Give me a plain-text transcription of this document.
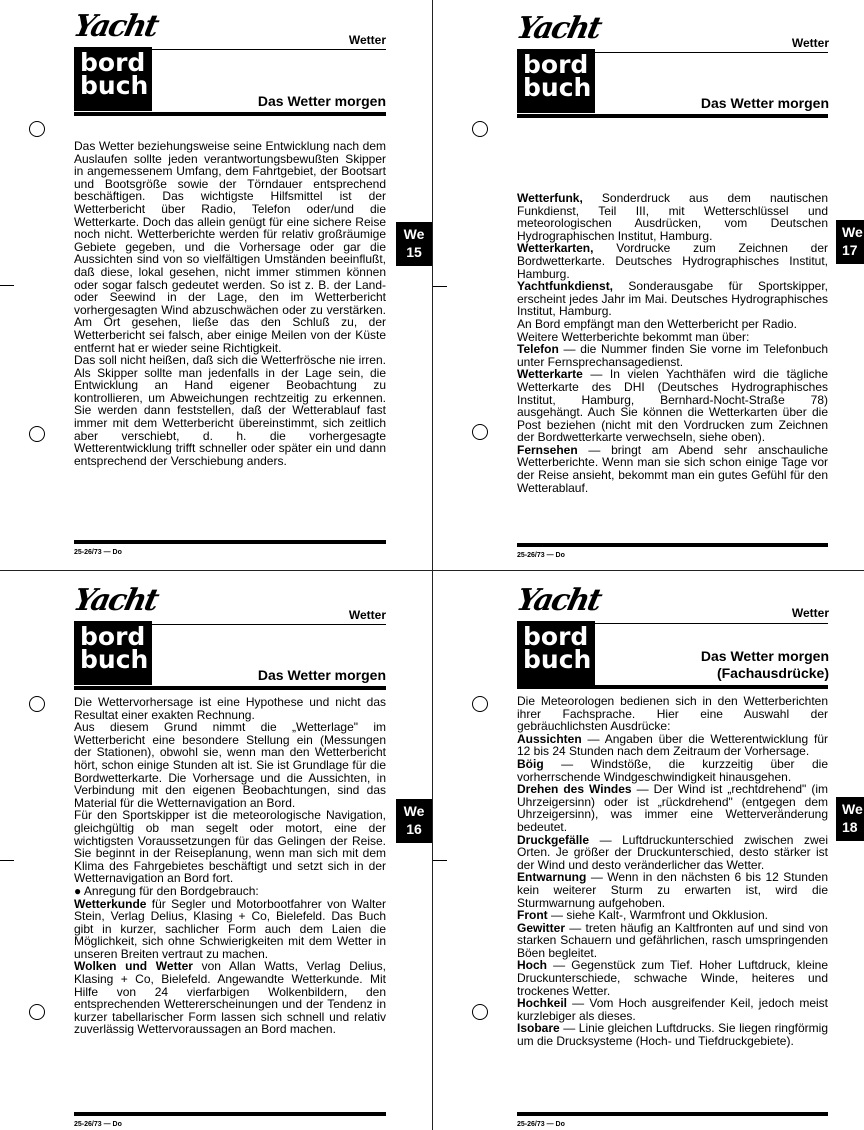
Yacht
bord
buch
Wetter
Das Wetter morgen
We
15

Das Wetter beziehungsweise seine Entwicklung nach dem Auslaufen sollte jeden verantwortungsbewußten Skipper in angemessenem Umfang, dem Fahrtgebiet, der Bootsart und Bootsgröße sowie der Törndauer entsprechend beschäftigen. Das wichtigste Hilfsmittel ist der Wetterbericht über Radio, Telefon oder/und die Wetterkarte. Doch das allein genügt für eine sichere Reise noch nicht. Wetterberichte werden für relativ großräumige Gebiete gegeben, und die Vorhersage oder gar die Aussichten sind von so vielfältigen Umständen beeinflußt, daß diese, lokal gesehen, nicht immer stimmen können oder sogar falsch gedeutet werden. So ist z. B. der Land- oder Seewind in der Lage, den im Wetterbericht vorhergesagten Wind abzuschwächen oder zu verstärken. Am Ort gesehen, ließe das den Schluß zu, der Wetterbericht sei falsch, aber einige Meilen von der Küste entfernt hat er wieder seine Richtigkeit.

Das soll nicht heißen, daß sich die Wetterfrösche nie irren. Als Skipper sollte man jedenfalls in der Lage sein, die Entwicklung an Hand eigener Beobachtung zu kontrollieren, um Abweichungen rechtzeitig zu erkennen. Sie werden dann feststellen, daß der Wetterablauf fast immer mit dem Wetterbericht übereinstimmt, sich zeitlich aber verschiebt, d. h. die vorhergesagte Wetterentwicklung trifft schneller oder später ein und dann entsprechend der Verschiebung anders.

25-26/73 — Do
Yacht
bord
buch
Wetter
Das Wetter morgen
We
17

Wetterfunk, Sonderdruck aus dem nautischen Funkdienst, Teil III, mit Wetterschlüssel und meteorologischen Ausdrücken, vom Deutschen Hydrographischen Institut, Hamburg.

Wetterkarten, Vordrucke zum Zeichnen der Bordwetterkarte. Deutsches Hydrographisches Institut, Hamburg.

Yachtfunkdienst, Sonderausgabe für Sportskipper, erscheint jedes Jahr im Mai. Deutsches Hydrographisches Institut, Hamburg.

An Bord empfängt man den Wetterbericht per Radio.

Weitere Wetterberichte bekommt man über:

Telefon — die Nummer finden Sie vorne im Telefonbuch unter Fernsprechansagedienst.

Wetterkarte — In vielen Yachthäfen wird die tägliche Wetterkarte des DHI (Deutsches Hydrographisches Institut, Hamburg, Bernhard-Nocht-Straße 78) ausgehängt. Auch Sie können die Wetterkarten über die Post beziehen (nicht mit den Vordrucken zum Zeichnen der Bordwetterkarte verwechseln, siehe oben).

Fernsehen — bringt am Abend sehr anschauliche Wetterberichte. Wenn man sie sich schon einige Tage vor der Reise ansieht, bekommt man ein gutes Gefühl für den Wetterablauf.

25-26/73 — Do
Yacht
bord
buch
Wetter
Das Wetter morgen
We
16

Die Wettervorhersage ist eine Hypothese und nicht das Resultat einer exakten Rechnung.

Aus diesem Grund nimmt die „Wetterlage" im Wetterbericht eine besondere Stellung ein (Messungen der Stationen), obwohl sie, wenn man den Wetterbericht hört, schon einige Stunden alt ist. Sie ist Grundlage für die Bordwetterkarte. Die Vorhersage und die Aussichten, in Verbindung mit den eigenen Beobachtungen, sind das Material für die Wetternavigation an Bord.

Für den Sportskipper ist die meteorologische Navigation, gleichgültig ob man segelt oder motort, eine der wichtigsten Voraussetzungen für das Gelingen der Reise. Sie beginnt in der Reiseplanung, wenn man sich mit dem Klima des Fahrgebietes beschäftigt und setzt sich in der Wetternavigation an Bord fort.

● Anregung für den Bordgebrauch:

Wetterkunde für Segler und Motorbootfahrer von Walter Stein, Verlag Delius, Klasing + Co, Bielefeld. Das Buch gibt in kurzer, sachlicher Form auch dem Laien die Möglichkeit, sich ohne Schwierigkeiten mit dem Wetter in unseren Breiten vertraut zu machen.

Wolken und Wetter von Allan Watts, Verlag Delius, Klasing + Co, Bielefeld. Angewandte Wetterkunde. Mit Hilfe von 24 vierfarbigen Wolkenbildern, den entsprechenden Wettererscheinungen und der Tendenz in kurzer tabellarischer Form lassen sich schnell und relativ zuverlässig Wettervoraussagen an Bord machen.

25-26/73 — Do
Yacht
bord
buch
Wetter
Das Wetter morgen
(Fachausdrücke)
We
18

Die Meteorologen bedienen sich in den Wetterberichten ihrer Fachsprache. Hier eine Auswahl der gebräuchlichsten Ausdrücke:

Aussichten — Angaben über die Wetterentwicklung für 12 bis 24 Stunden nach dem Zeitraum der Vorhersage.

Böig — Windstöße, die kurzzeitig über die vorherrschende Windgeschwindigkeit hinausgehen.

Drehen des Windes — Der Wind ist „rechtdrehend" (im Uhrzeigersinn) oder ist „rückdrehend" (entgegen dem Uhrzeigersinn), was immer eine Wetterveränderung bedeutet.

Druckgefälle — Luftdruckunterschied zwischen zwei Orten. Je größer der Druckunterschied, desto stärker ist der Wind und desto veränderlicher das Wetter.

Entwarnung — Wenn in den nächsten 6 bis 12 Stunden kein weiterer Sturm zu erwarten ist, wird die Sturmwarnung aufgehoben.

Front — siehe Kalt-, Warmfront und Okklusion.

Gewitter — treten häufig an Kaltfronten auf und sind von starken Schauern und gefährlichen, rasch umspringenden Böen begleitet.

Hoch — Gegenstück zum Tief. Hoher Luftdruck, kleine Druckunterschiede, schwache Winde, heiteres und trockenes Wetter.

Hochkeil — Vom Hoch ausgreifender Keil, jedoch meist kurzlebiger als dieses.

Isobare — Linie gleichen Luftdrucks. Sie liegen ringförmig um die Drucksysteme (Hoch- und Tiefdruckgebiete).

25-26/73 — Do
